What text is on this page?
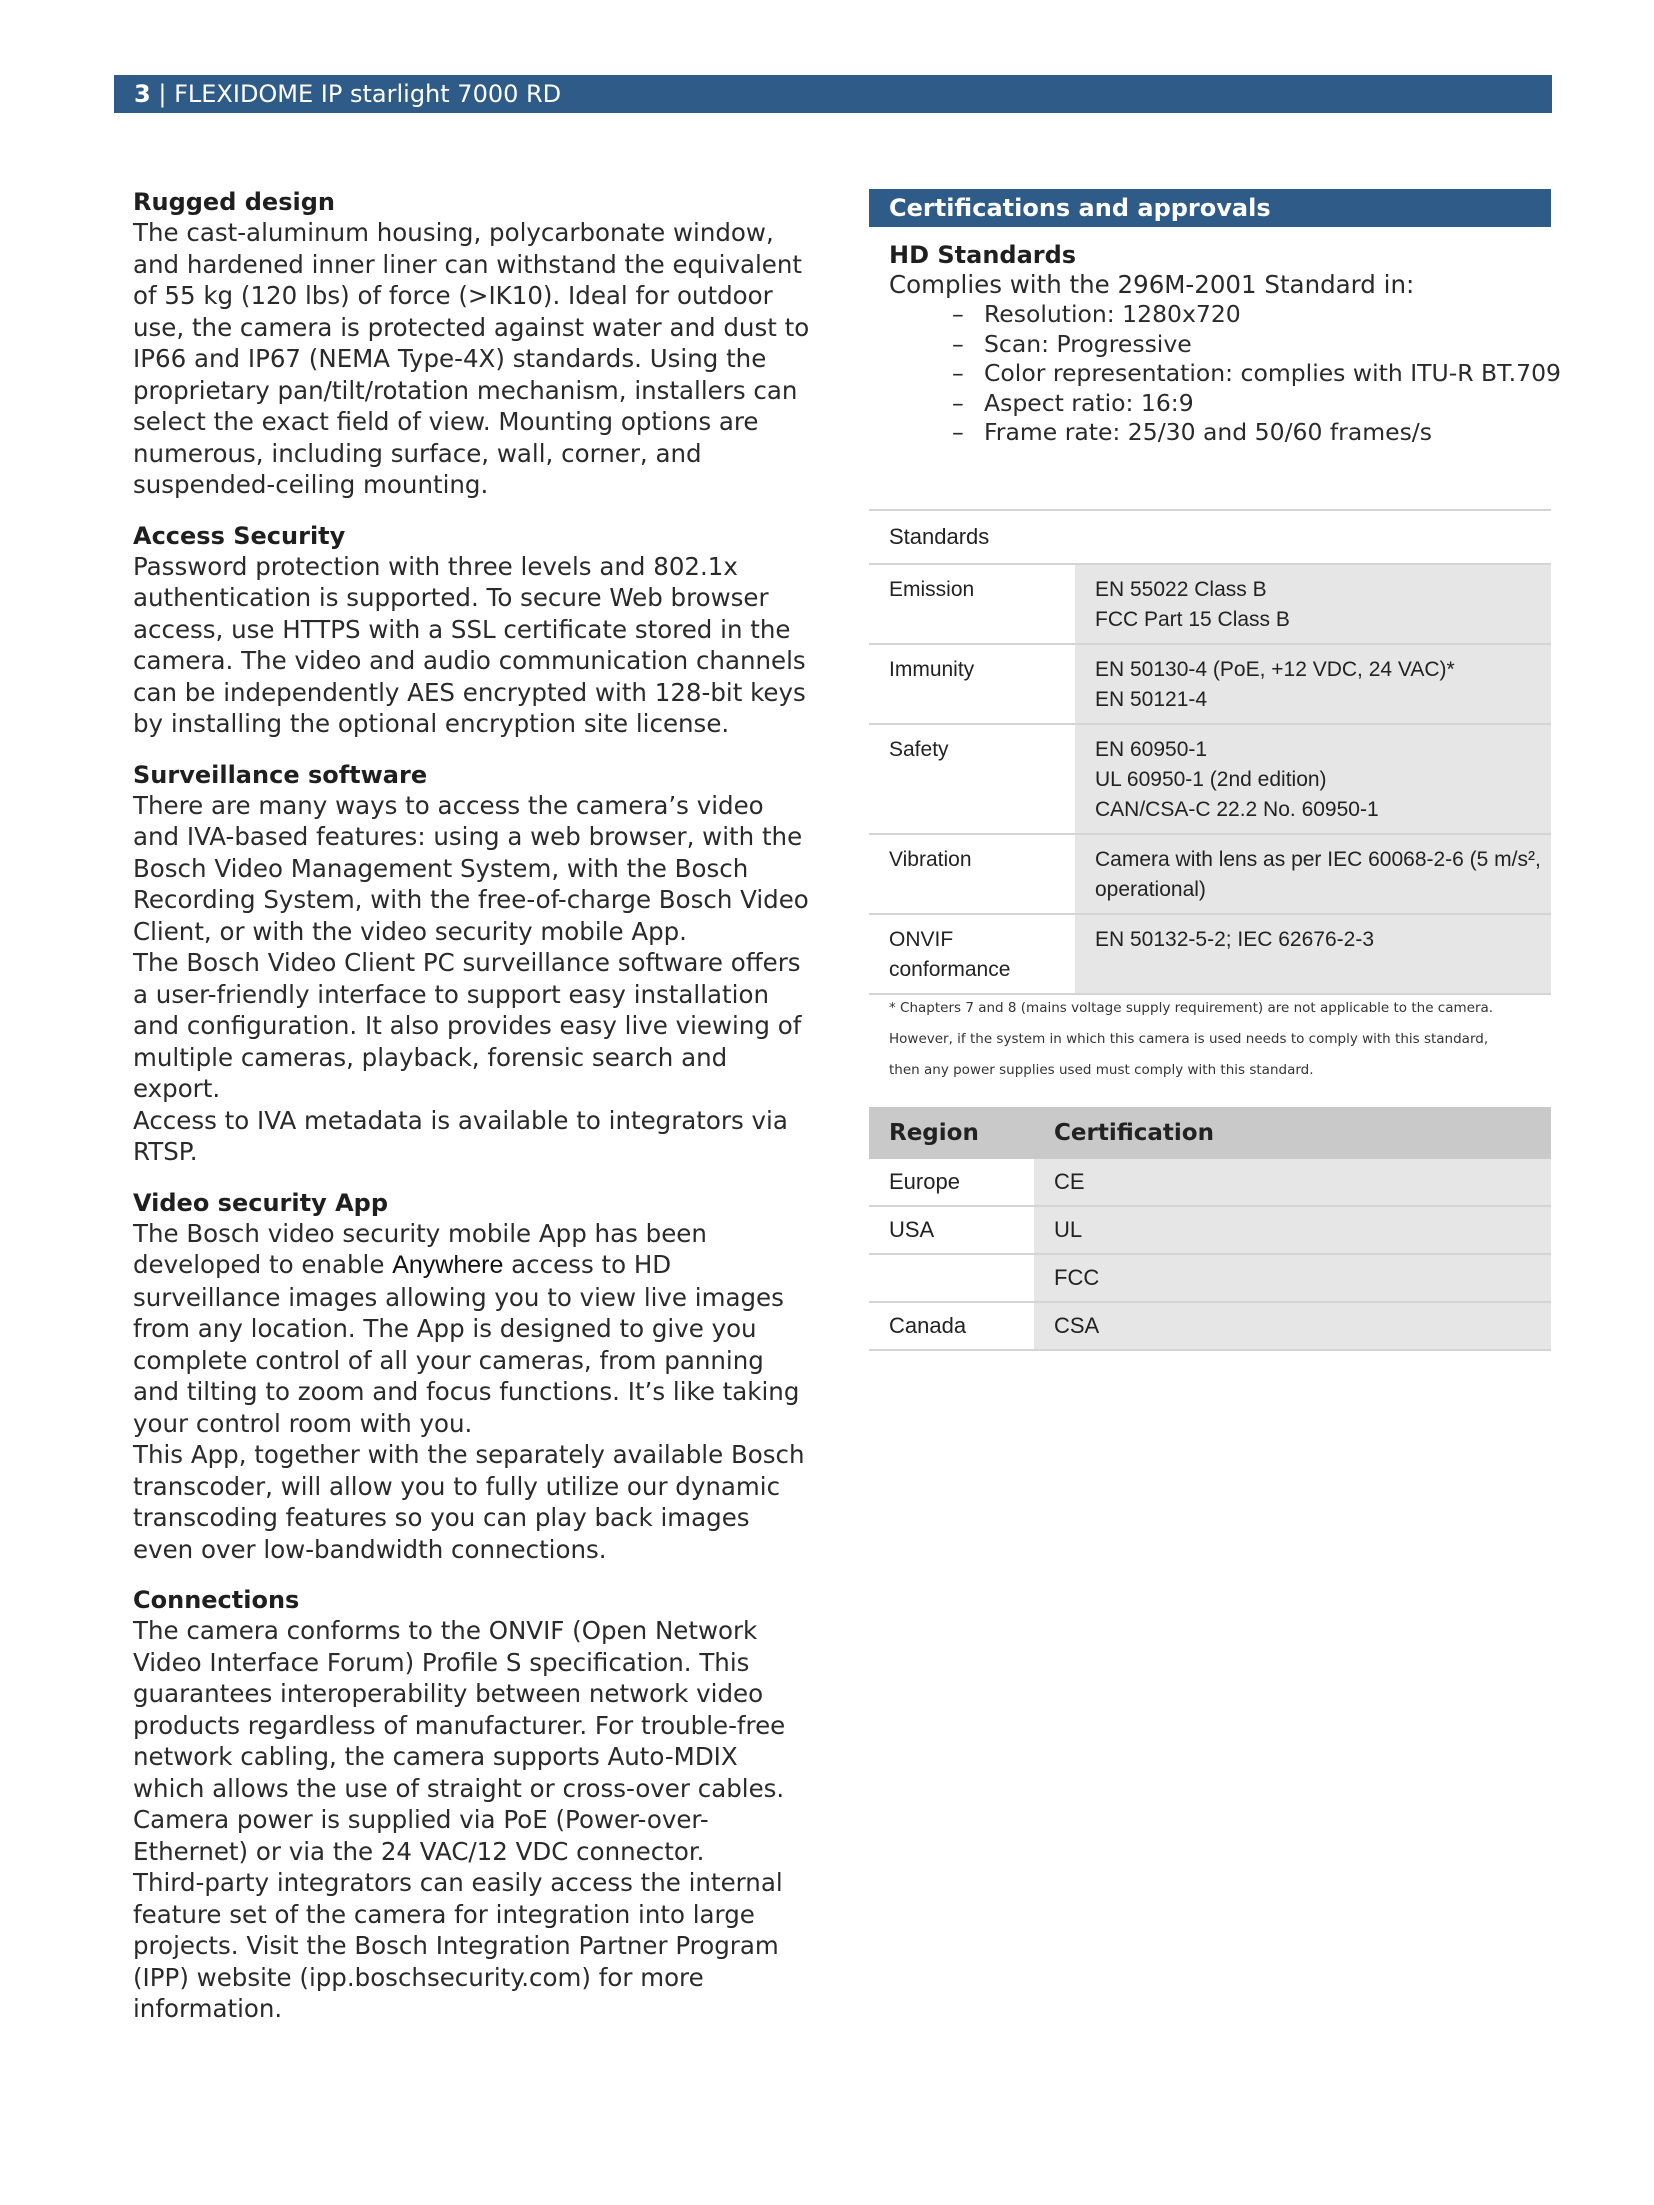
3 | FLEXIDOME IP starlight 7000 RD
Rugged design

The cast-aluminum housing, polycarbonate window, and hardened inner liner can withstand the equivalent of 55 kg (120 lbs) of force (>IK10). Ideal for outdoor use, the camera is protected against water and dust to IP66 and IP67 (NEMA Type-4X) standards. Using the proprietary pan/tilt/rotation mechanism, installers can select the exact field of view. Mounting options are numerous, including surface, wall, corner, and suspended-ceiling mounting.

Access Security

Password protection with three levels and 802.1x authentication is supported. To secure Web browser access, use HTTPS with a SSL certificate stored in the camera. The video and audio communication channels can be independently AES encrypted with 128-bit keys by installing the optional encryption site license.

Surveillance software

There are many ways to access the camera’s video and IVA-based features: using a web browser, with the Bosch Video Management System, with the Bosch Recording System, with the free-of-charge Bosch Video Client, or with the video security mobile App.

The Bosch Video Client PC surveillance software offers a user-friendly interface to support easy installation and configuration. It also provides easy live viewing of multiple cameras, playback, forensic search and export.

Access to IVA metadata is available to integrators via RTSP.

Video security App

The Bosch video security mobile App has been developed to enable Anywhere access to HD surveillance images allowing you to view live images from any location. The App is designed to give you complete control of all your cameras, from panning and tilting to zoom and focus functions. It’s like taking your control room with you.

This App, together with the separately available Bosch transcoder, will allow you to fully utilize our dynamic transcoding features so you can play back images even over low-bandwidth connections.

Connections

The camera conforms to the ONVIF (Open Network Video Interface Forum) Profile S specification. This guarantees interoperability between network video products regardless of manufacturer. For trouble-free network cabling, the camera supports Auto-MDIX which allows the use of straight or cross-over cables.

Camera power is supplied via PoE (Power-over-Ethernet) or via the 24 VAC/12 VDC connector.

Third-party integrators can easily access the internal feature set of the camera for integration into large projects. Visit the Bosch Integration Partner Program (IPP) website (ipp.boschsecurity.com) for more information.

Certifications and approvals

HD Standards

Complies with the 296M-2001 Standard in:

– Resolution: 1280x720
– Scan: Progressive
– Color representation: complies with ITU-R BT.709
– Aspect ratio: 16:9
– Frame rate: 25/30 and 50/60 frames/s
Standards	
Emission	EN 55022 Class B
FCC Part 15 Class B

Immunity	EN 50130-4 (PoE, +12 VDC, 24 VAC)*
EN 50121-4

Safety	EN 60950-1
UL 60950-1 (2nd edition)
CAN/CSA-C 22.2 No. 60950-1

Vibration	Camera with lens as per IEC 60068-2-6 (5 m/s²,
operational)

ONVIF
conformance	EN 50132-5-2; IEC 62676-2-3
* Chapters 7 and 8 (mains voltage supply requirement) are not applicable to the camera.
However, if the system in which this camera is used needs to comply with this standard,
then any power supplies used must comply with this standard.
Region	Certification
Europe	CE
USA	UL
	FCC
Canada	CSA
